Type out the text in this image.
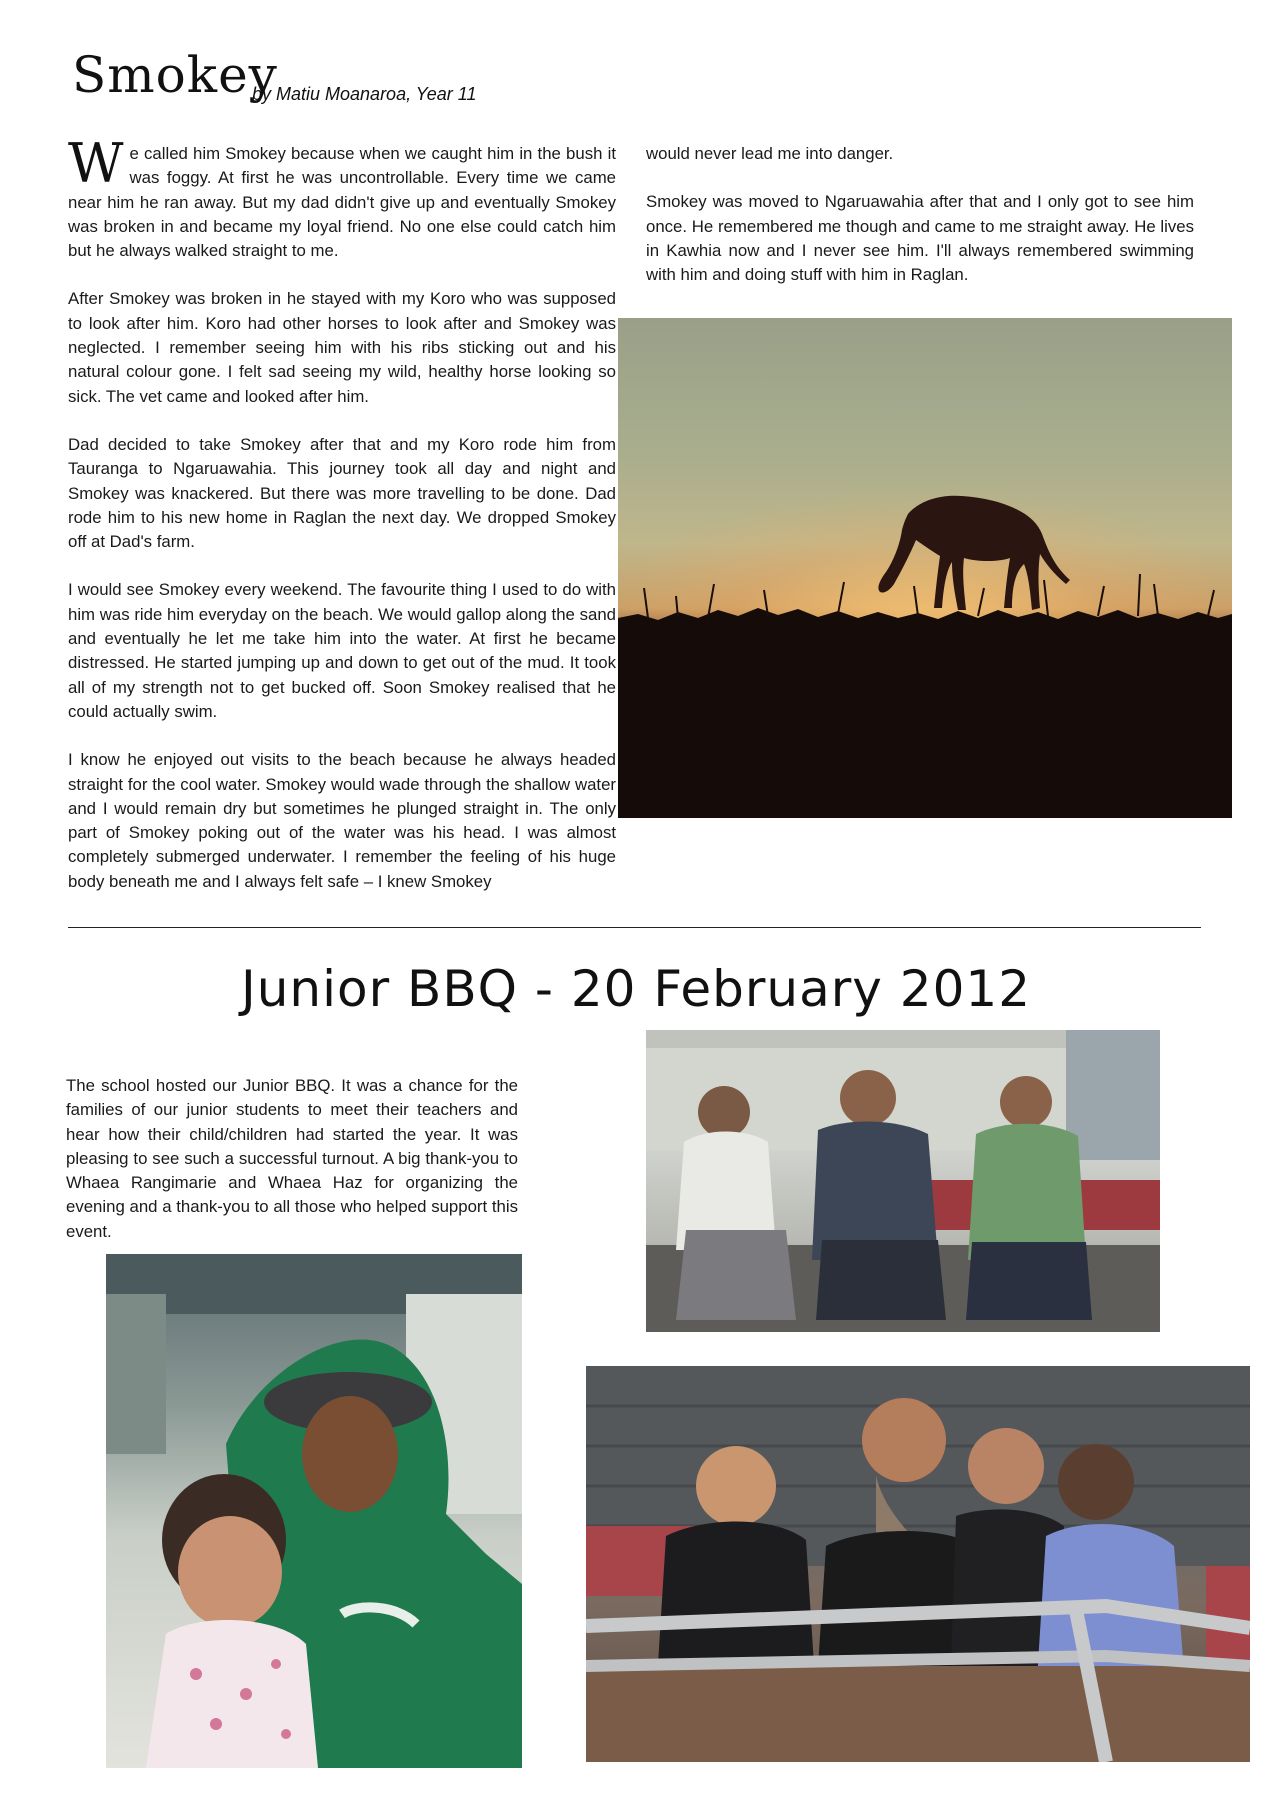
Smokey
by Matiu Moanaroa, Year 11

We called him Smokey because when we caught him in the bush it was foggy. At first he was uncontrollable. Every time we came near him he ran away. But my dad didn't give up and eventually Smokey was broken in and became my loyal friend. No one else could catch him but he always walked straight to me.

After Smokey was broken in he stayed with my Koro who was supposed to look after him. Koro had other horses to look after and Smokey was neglected. I remember seeing him with his ribs sticking out and his natural colour gone. I felt sad seeing my wild, healthy horse looking so sick. The vet came and looked after him.

Dad decided to take Smokey after that and my Koro rode him from Tauranga to Ngaruawahia. This journey took all day and night and Smokey was knackered. But there was more travelling to be done. Dad rode him to his new home in Raglan the next day. We dropped Smokey off at Dad's farm.

I would see Smokey every weekend. The favourite thing I used to do with him was ride him everyday on the beach. We would gallop along the sand and eventually he let me take him into the water. At first he became distressed. He started jumping up and down to get out of the mud. It took all of my strength not to get bucked off. Soon Smokey realised that he could actually swim.

I know he enjoyed out visits to the beach because he always headed straight for the cool water. Smokey would wade through the shallow water and I would remain dry but sometimes he plunged straight in. The only part of Smokey poking out of the water was his head. I was almost completely submerged underwater. I remember the feeling of his huge body beneath me and I always felt safe – I knew Smokey

would never lead me into danger.

Smokey was moved to Ngaruawahia after that and I only got to see him once. He remembered me though and came to me straight away. He lives in Kawhia now and I never see him. I'll always remembered swimming with him and doing stuff with him in Raglan.

Junior BBQ - 20 February 2012
The school hosted our Junior BBQ. It was a chance for the families of our junior students to meet their teachers and hear how their child/children had started the year. It was pleasing to see such a successful turnout. A big thank-you to Whaea Rangimarie and Whaea Haz for organizing the evening and a thank-you to all those who helped support this event.
